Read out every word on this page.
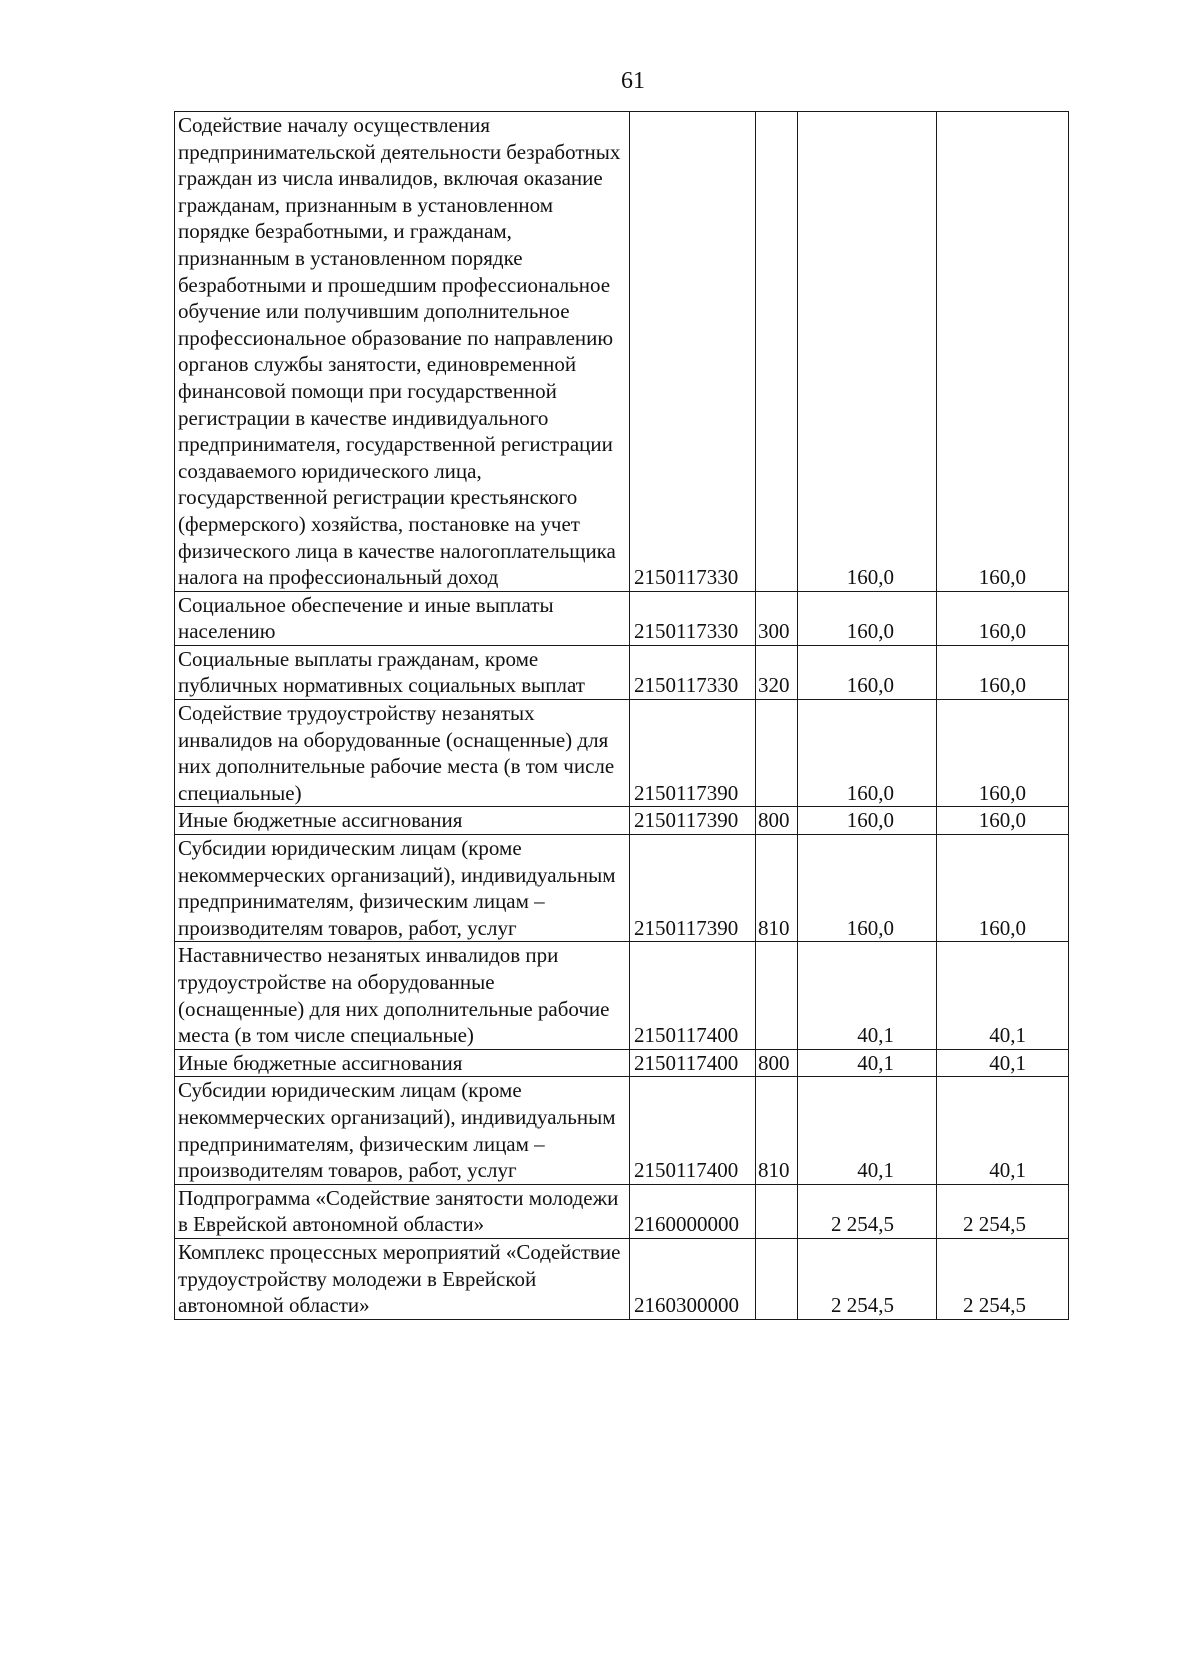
61
Содействие началу осуществления предпринимательской деятельности безработных граждан из числа инвалидов, включая оказание гражданам, признанным в установленном порядке безработными, и гражданам, признанным в установленном порядке безработными и прошедшим профессиональное обучение или получившим дополнительное профессиональное образование по направлению органов службы занятости, единовременной финансовой помощи при государственной регистрации в качестве индивидуального предпринимателя, государственной регистрации создаваемого юридического лица, государственной регистрации крестьянского (фермерского) хозяйства, постановке на учет физического лица в качестве налогоплательщика налога на профессиональный доход	2150117330		160,0	160,0
Социальное обеспечение и иные выплаты населению	2150117330	300	160,0	160,0
Социальные выплаты гражданам, кроме публичных нормативных социальных выплат	2150117330	320	160,0	160,0
Содействие трудоустройству незанятых инвалидов на оборудованные (оснащенные) для них дополнительные рабочие места (в том числе специальные)	2150117390		160,0	160,0
Иные бюджетные ассигнования	2150117390	800	160,0	160,0
Субсидии юридическим лицам (кроме некоммерческих организаций), индивидуальным предпринимателям, физическим лицам – производителям товаров, работ, услуг	2150117390	810	160,0	160,0
Наставничество незанятых инвалидов при трудоустройстве на оборудованные (оснащенные) для них дополнительные рабочие места (в том числе специальные)	2150117400		40,1	40,1
Иные бюджетные ассигнования	2150117400	800	40,1	40,1
Субсидии юридическим лицам (кроме некоммерческих организаций), индивидуальным предпринимателям, физическим лицам – производителям товаров, работ, услуг	2150117400	810	40,1	40,1
Подпрограмма «Содействие занятости молодежи в Еврейской автономной области»	2160000000		2 254,5	2 254,5
Комплекс процессных мероприятий «Содействие трудоустройству молодежи в Еврейской автономной области»	2160300000		2 254,5	2 254,5
